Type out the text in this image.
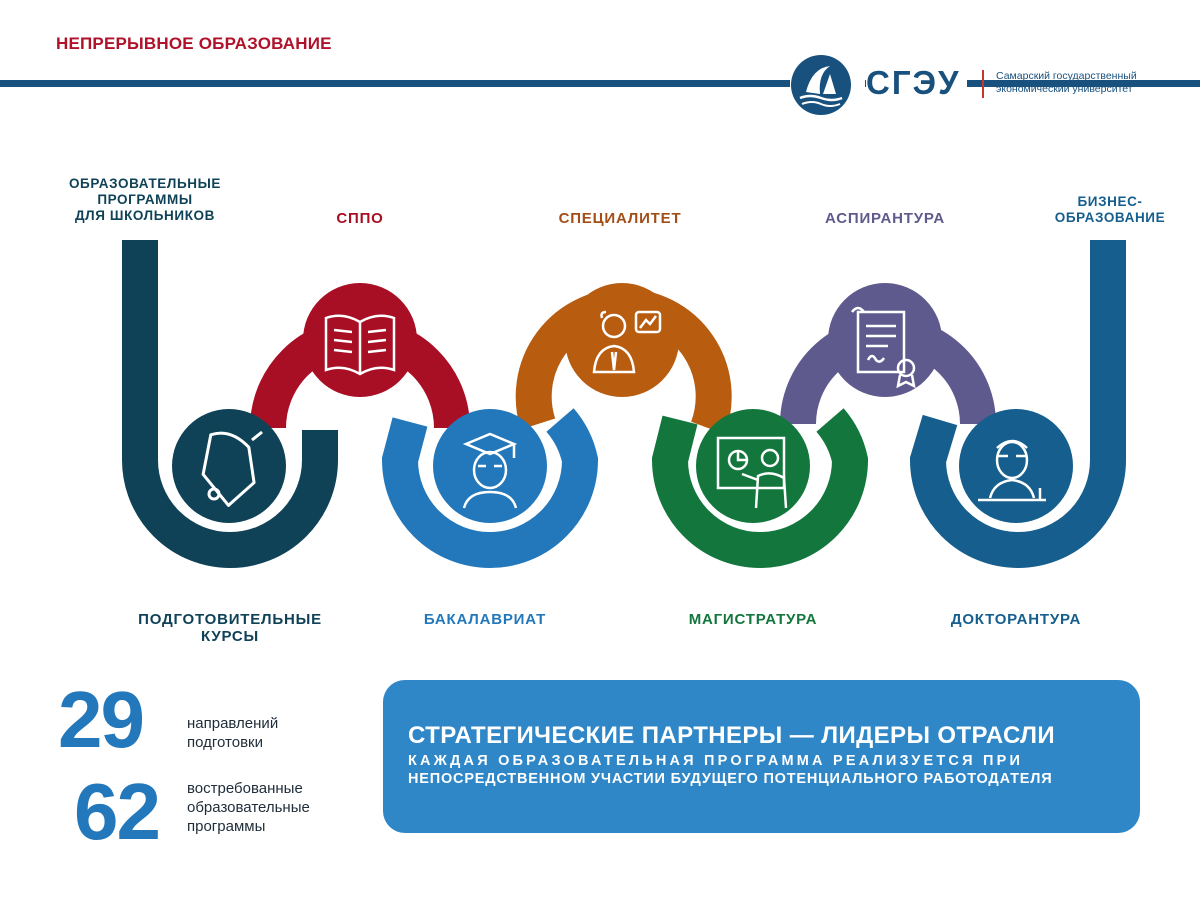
НЕПРЕРЫВНОЕ ОБРАЗОВАНИЕ
СГЭУ	Самарский государственный
экономический университет
ОБРАЗОВАТЕЛЬНЫЕ
ПРОГРАММЫ
ДЛЯ ШКОЛЬНИКОВ	СППО	СПЕЦИАЛИТЕТ	АСПИРАНТУРА
БИЗНЕС-
ОБРАЗОВАНИЕ
ПОДГОТОВИТЕЛЬНЫЕ
КУРСЫ
БАКАЛАВРИАТ	МАГИСТРАТУРА	ДОКТОРАНТУРА
29	направлений
подготовки
62 востребованные
образовательные
программы
СТРАТЕГИЧЕСКИЕ ПАРТНЕРЫ — ЛИДЕРЫ ОТРАСЛИ
КАЖДАЯ ОБРАЗОВАТЕЛЬНАЯ ПРОГРАММА РЕАЛИЗУЕТСЯ ПРИ
НЕПОСРЕДСТВЕННОМ УЧАСТИИ БУДУЩЕГО ПОТЕНЦИАЛЬНОГО РАБОТОДАТЕЛЯ
